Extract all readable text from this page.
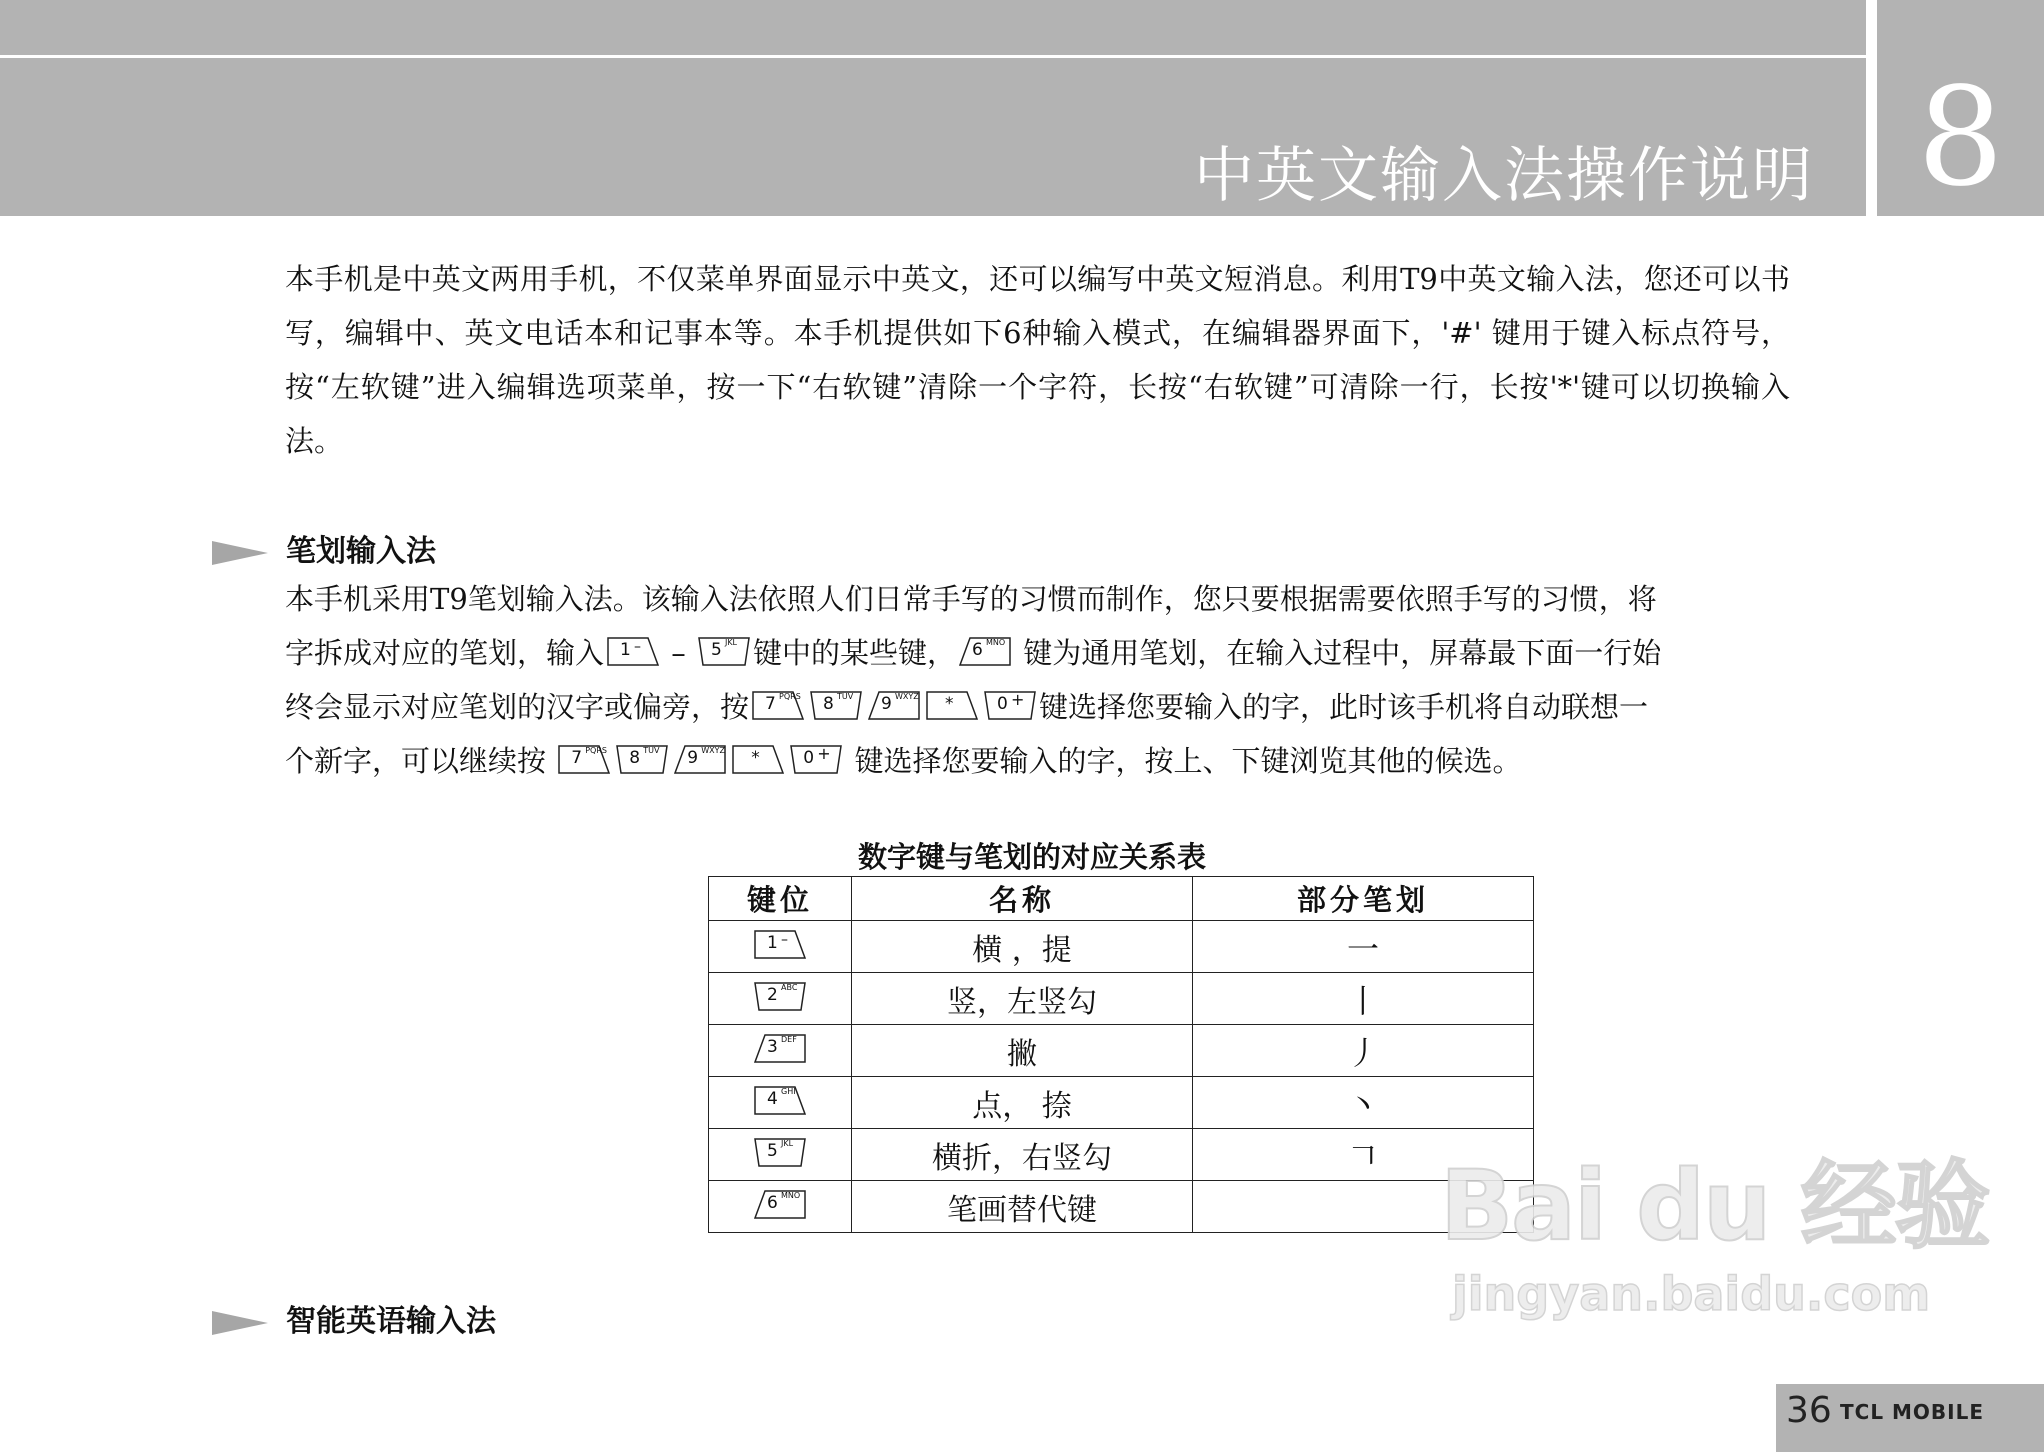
中英文输入法操作说明 8
本手机是中英文两用手机，不仅菜单界面显示中英文，还可以编写中英文短消息。利用T9中英文输入法，您还可以书写，编辑中、英文电话本和记事本等。本手机提供如下6种输入模式，在编辑器界面下，'#' 键用于键入标点符号，按“左软键”进入编辑选项菜单，按一下“右软键”清除一个字符，长按“右软键”可清除一行，长按'*'键可以切换输入法。
笔划输入法
本手机采用T9笔划输入法。该输入法依照人们日常手写的习惯而制作，您只要根据需要依照手写的习惯，将
字拆成对应的笔划，输入 1 – – 5 JKL 键中的某些键， 6 MNO 键为通用笔划，在输入过程中，屏幕最下面一行始
终会显示对应笔划的汉字或偏旁，按 7 PQRS 8 TUV 9 WXYZ *	0 + 键选择您要输入的字，此时该手机将自动联想一
个新字，可以继续按 7 PQRS 8 TUV 9 WXYZ *	0 + 键选择您要输入的字，按上、下键浏览其他的候选。
数字键与笔划的对应关系表
键位	名称	部分笔划

1 –	横 ，提	一

2 ABC	竖，左竖勾	丨

3 DEF	撇	丿

4 GHI	点， 捺	丶

5 JKL	横折，右竖勾	𠃍

6 MNO	笔画替代键	
智能英语输入法
Bai du 经验
jingyan.baidu.com
36 TCL MOBILE
